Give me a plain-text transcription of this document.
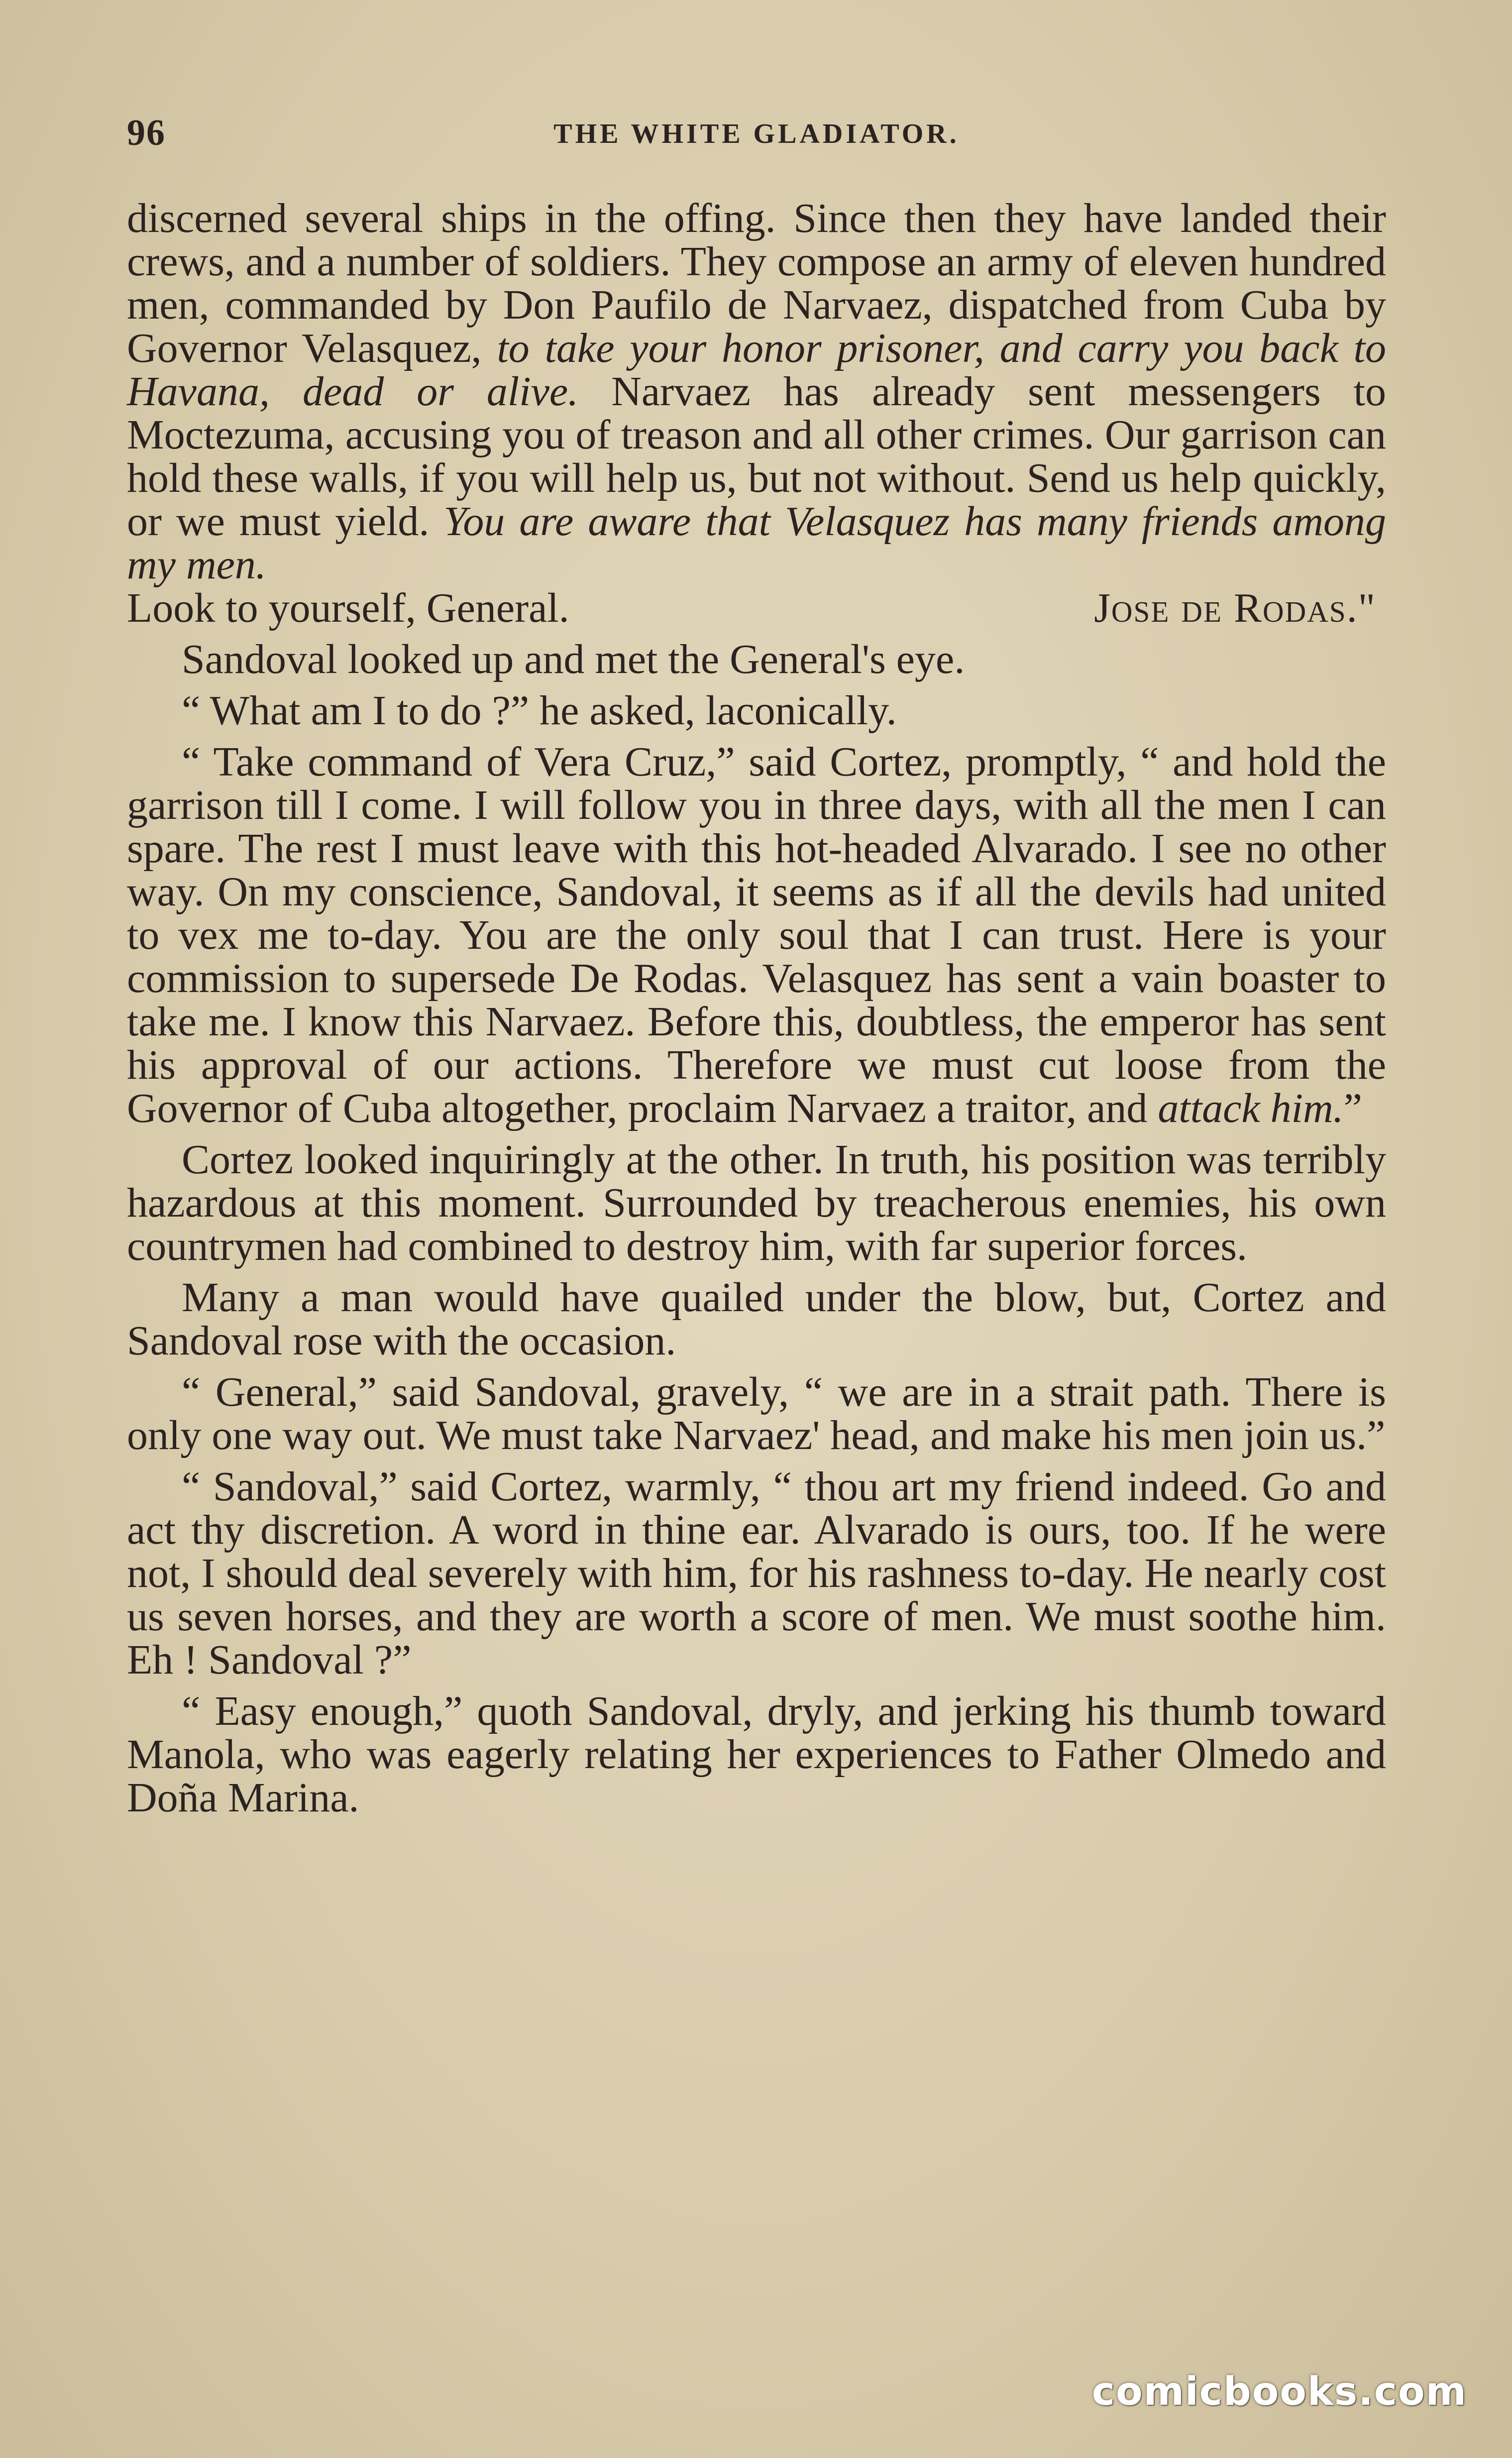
96	THE WHITE GLADIATOR.

discerned several ships in the offing. Since then they have landed their crews, and a number of soldiers. They compose an army of eleven hundred men, commanded by Don Paufilo de Narvaez, dispatched from Cuba by Governor Velasquez, to take your honor prisoner, and carry you back to Havana, dead or alive. Narvaez has already sent messengers to Moctezuma, accusing you of treason and all other crimes. Our garrison can hold these walls, if you will help us, but not without. Send us help quickly, or we must yield. You are aware that Velasquez has many friends among my men.
Look to yourself, General.	Jose de Rodas."

Sandoval looked up and met the General's eye.

“ What am I to do ?” he asked, laconically.

“ Take command of Vera Cruz,” said Cortez, promptly, “ and hold the garrison till I come. I will follow you in three days, with all the men I can spare. The rest I must leave with this hot-headed Alvarado. I see no other way. On my conscience, Sandoval, it seems as if all the devils had united to vex me to-day. You are the only soul that I can trust. Here is your commission to supersede De Rodas. Velasquez has sent a vain boaster to take me. I know this Narvaez. Before this, doubtless, the emperor has sent his approval of our actions. Therefore we must cut loose from the Governor of Cuba altogether, proclaim Narvaez a traitor, and attack him.”

Cortez looked inquiringly at the other. In truth, his position was terribly hazardous at this moment. Surrounded by treacherous enemies, his own countrymen had combined to destroy him, with far superior forces.

Many a man would have quailed under the blow, but, Cortez and Sandoval rose with the occasion.

“ General,” said Sandoval, gravely, “ we are in a strait path. There is only one way out. We must take Narvaez' head, and make his men join us.”

“ Sandoval,” said Cortez, warmly, “ thou art my friend indeed. Go and act thy discretion. A word in thine ear. Alvarado is ours, too. If he were not, I should deal severely with him, for his rashness to-day. He nearly cost us seven horses, and they are worth a score of men. We must soothe him. Eh ! Sandoval ?”

“ Easy enough,” quoth Sandoval, dryly, and jerking his thumb toward Manola, who was eagerly relating her experiences to Father Olmedo and Doña Marina.

comicbooks.com
